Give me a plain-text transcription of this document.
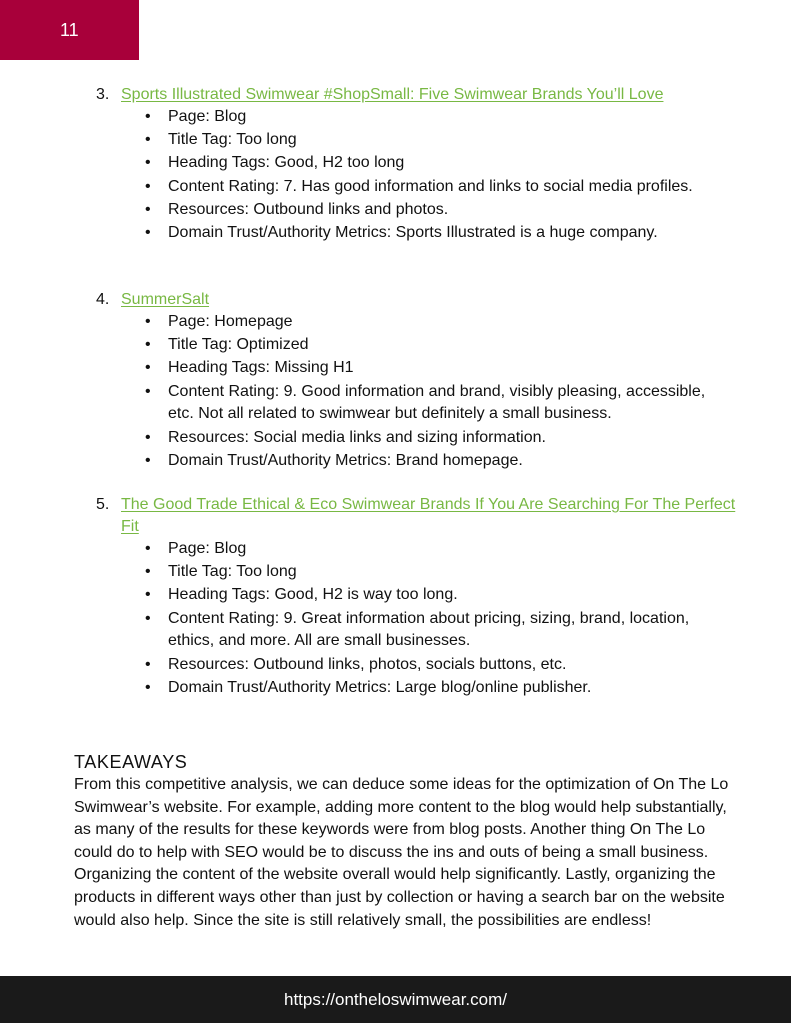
11
3. Sports Illustrated Swimwear #ShopSmall: Five Swimwear Brands You’ll Love
• Page: Blog
• Title Tag: Too long
• Heading Tags: Good, H2 too long
• Content Rating: 7. Has good information and links to social media profiles.
• Resources: Outbound links and photos.
• Domain Trust/Authority Metrics: Sports Illustrated is a huge company.
4. SummerSalt
• Page: Homepage
• Title Tag: Optimized
• Heading Tags: Missing H1
• Content Rating: 9. Good information and brand, visibly pleasing, accessible, etc. Not all related to swimwear but definitely a small business.
• Resources: Social media links and sizing information.
• Domain Trust/Authority Metrics: Brand homepage.
5. The Good Trade Ethical & Eco Swimwear Brands If You Are Searching For The Perfect Fit
• Page: Blog
• Title Tag: Too long
• Heading Tags: Good, H2 is way too long.
• Content Rating: 9. Great information about pricing, sizing, brand, location, ethics, and more. All are small businesses.
• Resources: Outbound links, photos, socials buttons, etc.
• Domain Trust/Authority Metrics: Large blog/online publisher.
TAKEAWAYS

From this competitive analysis, we can deduce some ideas for the optimization of On The Lo Swimwear’s website. For example, adding more content to the blog would help substantially, as many of the results for these keywords were from blog posts. Another thing On The Lo could do to help with SEO would be to discuss the ins and outs of being a small business. Organizing the content of the website overall would help significantly. Lastly, organizing the products in different ways other than just by collection or having a search bar on the website would also help. Since the site is still relatively small, the possibilities are endless!

https://ontheloswimwear.com/
